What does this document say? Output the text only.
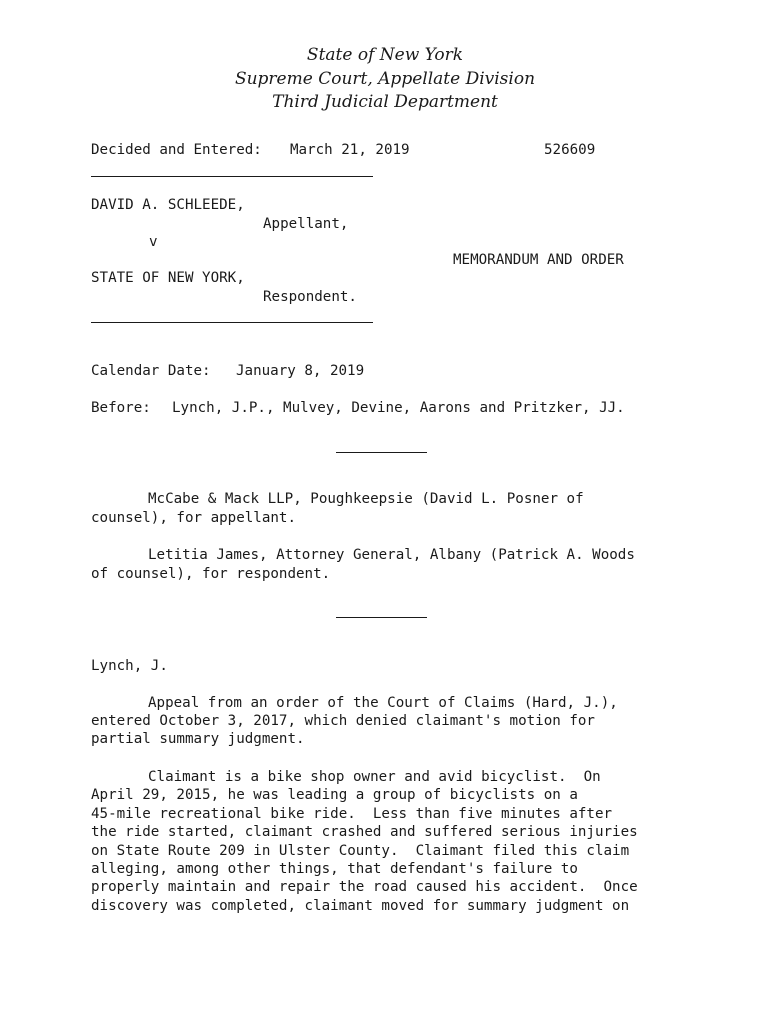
State of New York
Supreme Court, Appellate Division
Third Judicial Department
Decided and Entered: March 21, 2019	526609
DAVID A. SCHLEEDE,
Appellant,
v
MEMORANDUM AND ORDER
STATE OF NEW YORK,
Respondent.
Calendar Date: January 8, 2019
Before: Lynch, J.P., Mulvey, Devine, Aarons and Pritzker, JJ.
McCabe & Mack LLP, Poughkeepsie (David L. Posner of
counsel), for appellant.
Letitia James, Attorney General, Albany (Patrick A. Woods
of counsel), for respondent.
Lynch, J.
Appeal from an order of the Court of Claims (Hard, J.),
entered October 3, 2017, which denied claimant's motion for
partial summary judgment.
Claimant is a bike shop owner and avid bicyclist.  On
April 29, 2015, he was leading a group of bicyclists on a
45-mile recreational bike ride.  Less than five minutes after
the ride started, claimant crashed and suffered serious injuries
on State Route 209 in Ulster County.  Claimant filed this claim
alleging, among other things, that defendant's failure to
properly maintain and repair the road caused his accident.  Once
discovery was completed, claimant moved for summary judgment on
